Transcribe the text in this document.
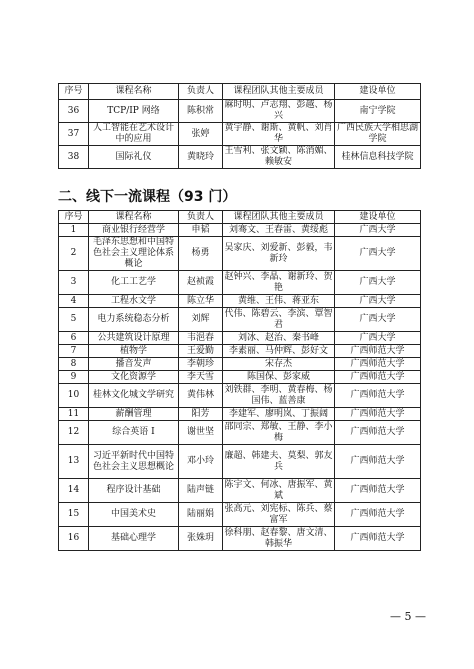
序号	课程名称	负责人	课程团队其他主要成员	建设单位
36	TCP/IP 网络	陈积常	麻时明、卢志翔、彭越、杨兴	南宁学院
37	人工智能在艺术设计中的应用	张婷	黄宇静、谢斯、黄帆、刘肖华	广西民族大学相思湖学院
38	国际礼仪	黄晓玲	王雪利、张文颖、陈消媚、赖敏安	桂林信息科技学院
二、线下一流课程（93 门）
序号	课程名称	负责人	课程团队其他主要成员	建设单位
1	商业银行经营学	申韬	刘骞文、王春雷、黄绥彪	广西大学
2	毛泽东思想和中国特色社会主义理论体系概论	杨勇	吴家庆、刘爱新、彭毅，韦新玲	广西大学
3	化工工艺学	赵祯霞	赵钟兴、李晶、谢新玲、贺艳	广西大学
4	工程水文学	陈立华	黄维、王伟、蒋亚东	广西大学
5	电力系统稳态分析	刘辉	代伟、陈碧云、李滨、覃智君	广西大学
6	公共建筑设计原理	韦浥春	刘冰、赵治、秦书峰	广西大学
7	植物学	王爱勤	李素丽、马仲辉、彭好文	广西师范大学
8	播音发声	李朝珍	宋存杰	广西师范大学
9	文化资源学	李天雪	陈国保、彭家威	广西师范大学
10	桂林文化城文学研究	黄伟林	刘铁群、李明、黄春梅、杨国伟、蓝善康	广西师范大学
11	薪酬管理	阳芳	李建军、廖明岚、丁振阔	广西师范大学
12	综合英语 I	谢世坚	邵同宗、郑敏、王静、李小梅	广西师范大学
13	习近平新时代中国特色社会主义思想概论	邓小玲	廉超、韩建夫、莫梨、郭友兵	广西师范大学
14	程序设计基础	陆声链	陈宇文、何冰、唐振军、黄斌	广西师范大学
15	中国美术史	陆丽娟	张高元、刘宪标、陈兵、蔡富军	广西师范大学
16	基础心理学	张姝玥	徐科朋、赵春黎、唐文清、韩振华	广西师范大学
— 5 —
